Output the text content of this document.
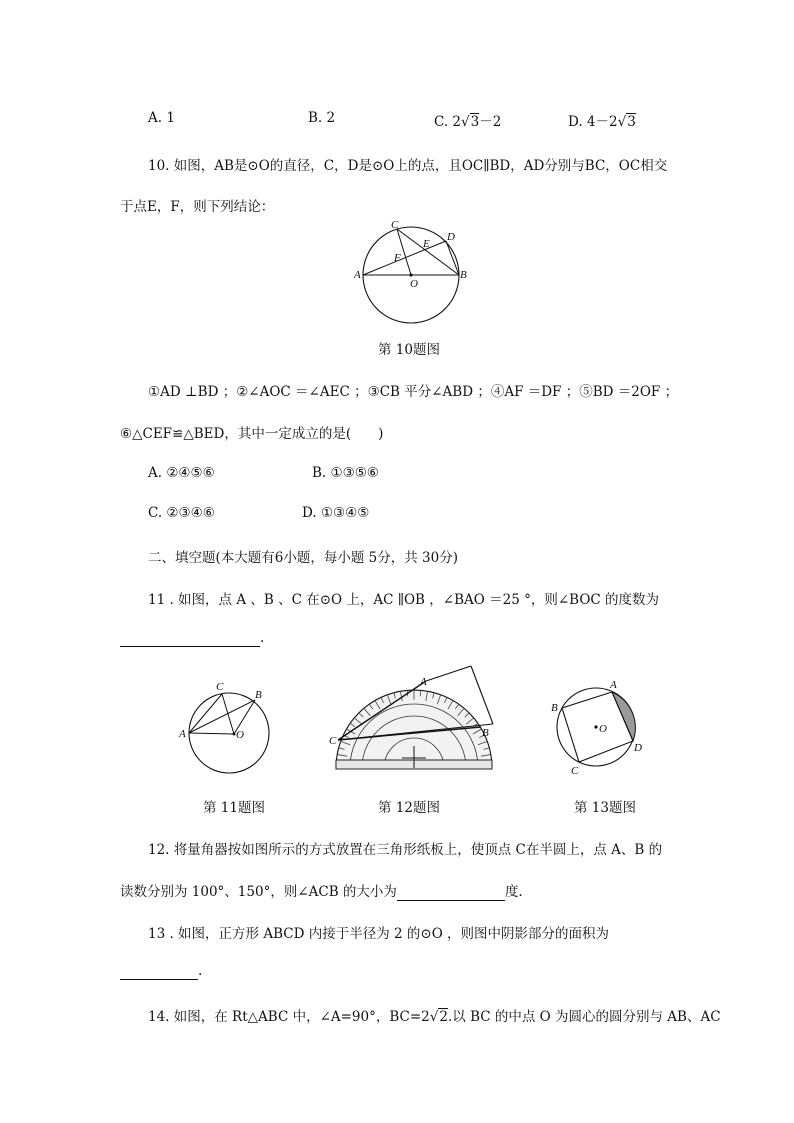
A. 1	B. 2	C. 2√3－2	D. 4－2√3
10. 如图，AB是⊙O的直径，C，D是⊙O上的点，且OC∥BD，AD分别与BC，OC相交
于点E，F，则下列结论：
C
D
E
F
A	B
O
第 10题图
①AD ⊥BD ；②∠AOC ＝∠AEC ；③CB 平分∠ABD ；④AF ＝DF ；⑤BD ＝2OF ；
⑥△CEF≌△BED，其中一定成立的是(　　)
A. ②④⑤⑥	B. ①③⑤⑥
C. ②③④⑥	D. ①③④⑤
二、填空题(本大题有6小题，每小题 5分，共 30分)
11 . 如图，点 A 、B 、C 在⊙O 上，AC ∥OB ，∠BAO ＝25 °，则∠BOC 的度数为
.
C
B
A	O
A
B
C
A
B
C
D
O
第 11题图	第 12题图	第 13题图
12. 将量角器按如图所示的方式放置在三角形纸板上，使顶点 C在半圆上，点 A、B 的
读数分别为 100°、150°，则∠ACB 的大小为	度.
13 . 如图，正方形 ABCD 内接于半径为 2 的⊙O ，则图中阴影部分的面积为
.
14. 如图，在 Rt△ABC 中，∠A=90°，BC=2√2.以 BC 的中点 O 为圆心的圆分别与 AB、AC
